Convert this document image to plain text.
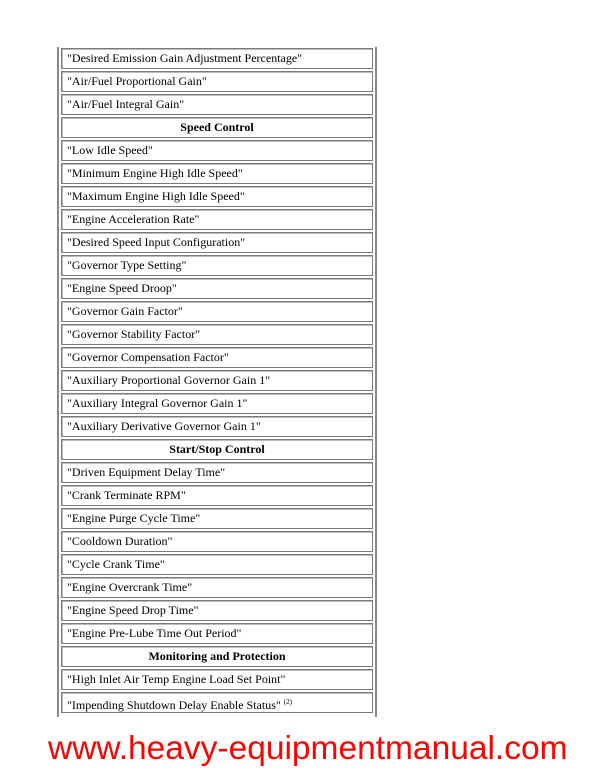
"Desired Emission Gain Adjustment Percentage"
"Air/Fuel Proportional Gain"
"Air/Fuel Integral Gain"
Speed Control
"Low Idle Speed"
"Minimum Engine High Idle Speed"
"Maximum Engine High Idle Speed"
"Engine Acceleration Rate"
"Desired Speed Input Configuration"
"Governor Type Setting"
"Engine Speed Droop"
"Governor Gain Factor"
"Governor Stability Factor"
"Governor Compensation Factor"
"Auxiliary Proportional Governor Gain 1"
"Auxiliary Integral Governor Gain 1"
"Auxiliary Derivative Governor Gain 1"
Start/Stop Control
"Driven Equipment Delay Time"
"Crank Terminate RPM"
"Engine Purge Cycle Time"
"Cooldown Duration"
"Cycle Crank Time"
"Engine Overcrank Time"
"Engine Speed Drop Time"
"Engine Pre-Lube Time Out Period"
Monitoring and Protection
"High Inlet Air Temp Engine Load Set Point"
"Impending Shutdown Delay Enable Status" $^{(2)}$
www.heavy-equipmentmanual.com
